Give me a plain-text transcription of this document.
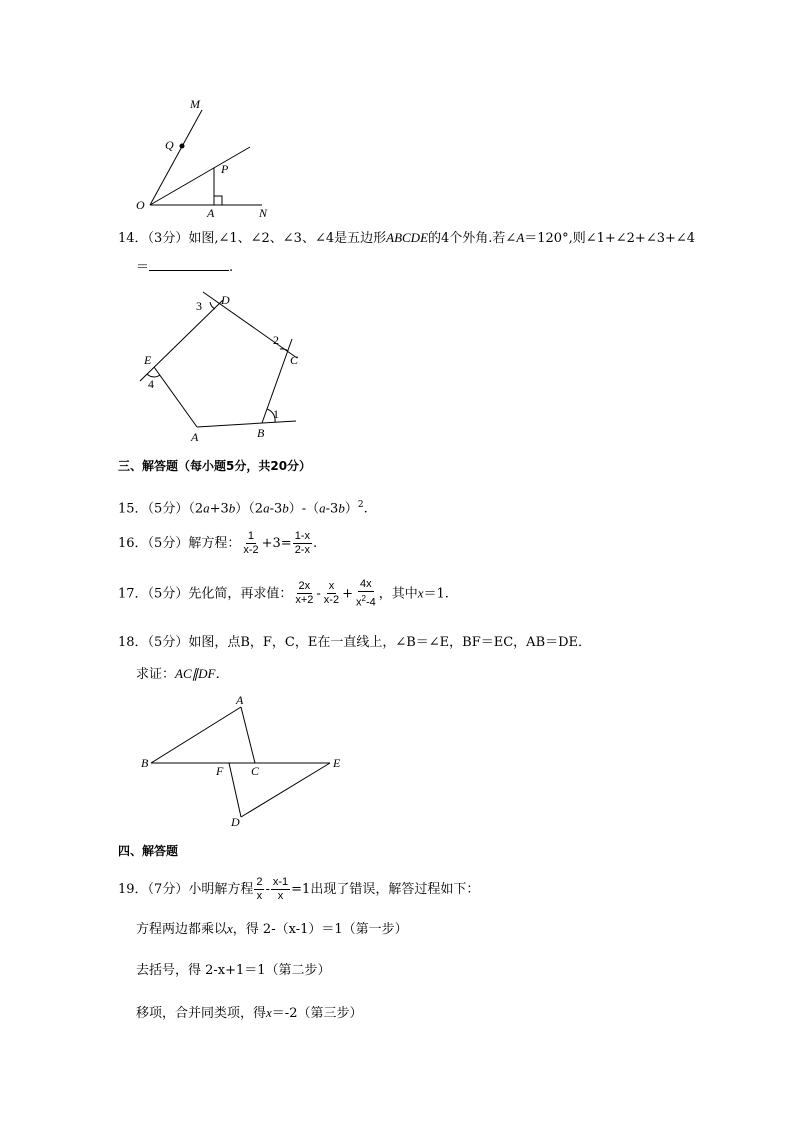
M
Q
P
O
A	N
14．（3分）如图,∠1、∠2、∠3、∠4是五边形ABCDE的4个外角.若∠A＝120°,则∠1+∠2+∠3+∠4
＝	.
D
C
E
A	B
1
2
3
4
三、解答题（每小题5分，共20分）
15．（5分）$(2a+3b)(2a-3b)-(a-3b)^2$.
16．（5分）解方程： $\frac{1}{x-2} +3= \frac{1-x}{2-x}$ .
17．（5分）先化简，再求值： $\frac{2x}{x+2} - \frac{x}{x-2} + \frac{4x}{x^2-4}$ ，其中x＝1.
18．（5分）如图，点B，F，C，E在一直线上，∠B＝∠E，BF＝EC，AB＝DE．
求证：AC∥DF．
A
B
F C
E
D
四、解答题
19．（7分）小明解方程 $\frac{2}{x} - \frac{x-1}{x} =1$出现了错误，解答过程如下：
方程两边都乘以x，得 2-（x-1）＝1（第一步）
去括号，得 2-x+1＝1（第二步）
移项，合并同类项，得x＝-2（第三步）
